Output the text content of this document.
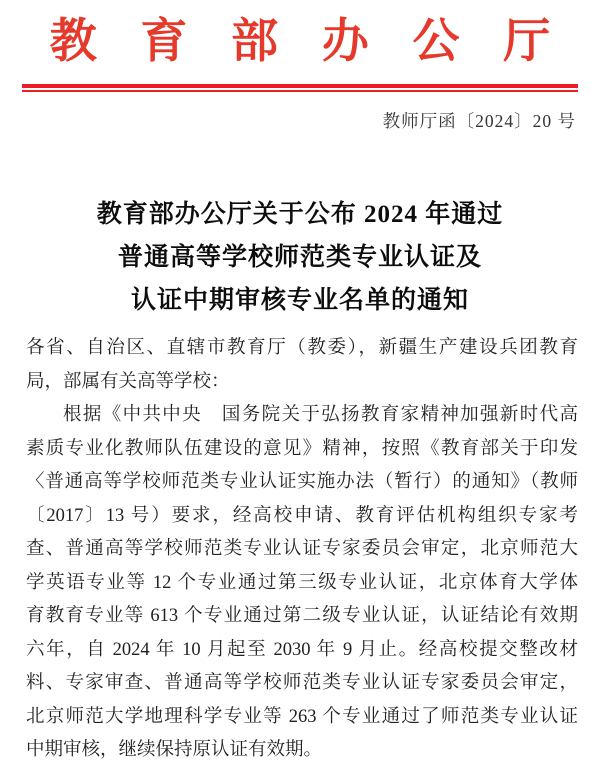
教育部办公厅
教师厅函〔2024〕20 号
教育部办公厅关于公布 2024 年通过
普通高等学校师范类专业认证及
认证中期审核专业名单的通知
各省、自治区、直辖市教育厅（教委），新疆生产建设兵团教育
局，部属有关高等学校：
根据《中共中央　国务院关于弘扬教育家精神加强新时代高
素质专业化教师队伍建设的意见》精神，按照《教育部关于印发
〈普通高等学校师范类专业认证实施办法（暂行）的通知》（教师
〔2017〕13 号）要求，经高校申请、教育评估机构组织专家考
查、普通高等学校师范类专业认证专家委员会审定，北京师范大
学英语专业等 12 个专业通过第三级专业认证，北京体育大学体
育教育专业等 613 个专业通过第二级专业认证，认证结论有效期
六年，自 2024 年 10 月起至 2030 年 9 月止。经高校提交整改材
料、专家审查、普通高等学校师范类专业认证专家委员会审定，
北京师范大学地理科学专业等 263 个专业通过了师范类专业认证
中期审核，继续保持原认证有效期。
